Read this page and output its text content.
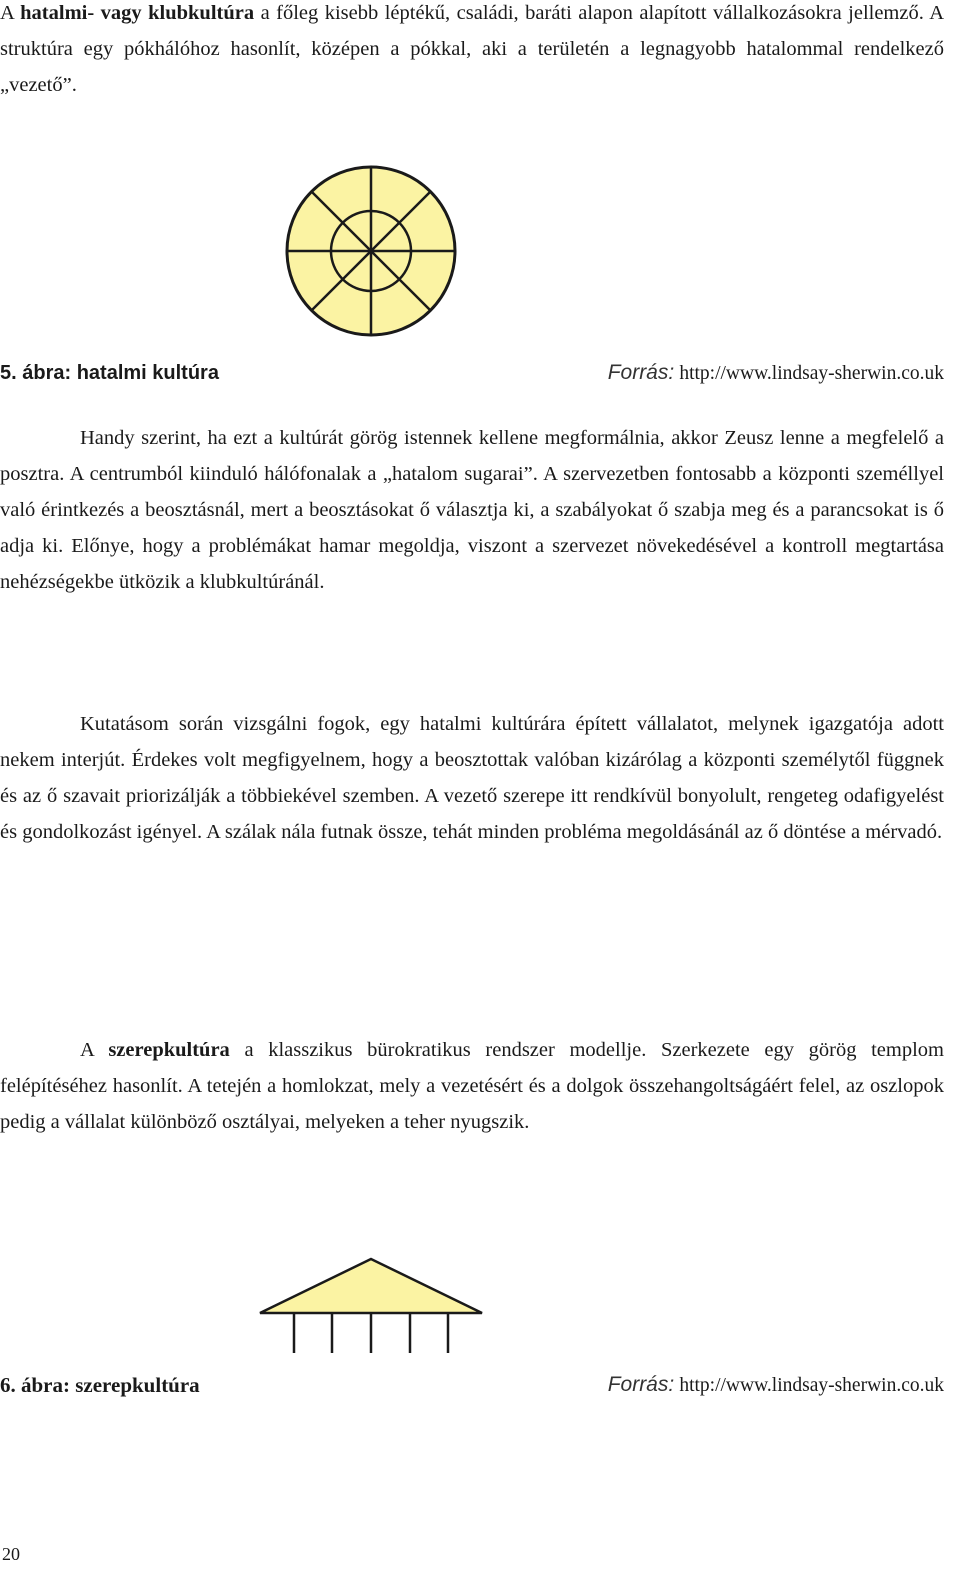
A hatalmi- vagy klubkultúra a főleg kisebb léptékű, családi, baráti alapon alapított vállalkozásokra jellemző. A struktúra egy pókhálóhoz hasonlít, középen a pókkal, aki a területén a legnagyobb hatalommal rendelkező „vezető”.

5. ábra: hatalmi kultúra	Forrás: http://www.lindsay-sherwin.co.uk

Handy szerint, ha ezt a kultúrát görög istennek kellene megformálnia, akkor Zeusz lenne a megfelelő a posztra. A centrumból kiinduló hálófonalak a „hatalom sugarai”. A szervezetben fontosabb a központi személlyel való érintkezés a beosztásnál, mert a beosztásokat ő választja ki, a szabályokat ő szabja meg és a parancsokat is ő adja ki. Előnye, hogy a problémákat hamar megoldja, viszont a szervezet növekedésével a kontroll megtartása nehézségekbe ütközik a klubkultúránál.

Kutatásom során vizsgálni fogok, egy hatalmi kultúrára épített vállalatot, melynek igazgatója adott nekem interjút. Érdekes volt megfigyelnem, hogy a beosztottak valóban kizárólag a központi személytől függnek és az ő szavait priorizálják a többiekével szemben. A vezető szerepe itt rendkívül bonyolult, rengeteg odafigyelést és gondolkozást igényel. A szálak nála futnak össze, tehát minden probléma megoldásánál az ő döntése a mérvadó.

A szerepkultúra a klasszikus bürokratikus rendszer modellje. Szerkezete egy görög templom felépítéséhez hasonlít. A tetején a homlokzat, mely a vezetésért és a dolgok összehangoltságáért felel, az oszlopok pedig a vállalat különböző osztályai, melyeken a teher nyugszik.

6. ábra: szerepkultúra	Forrás: http://www.lindsay-sherwin.co.uk
20
